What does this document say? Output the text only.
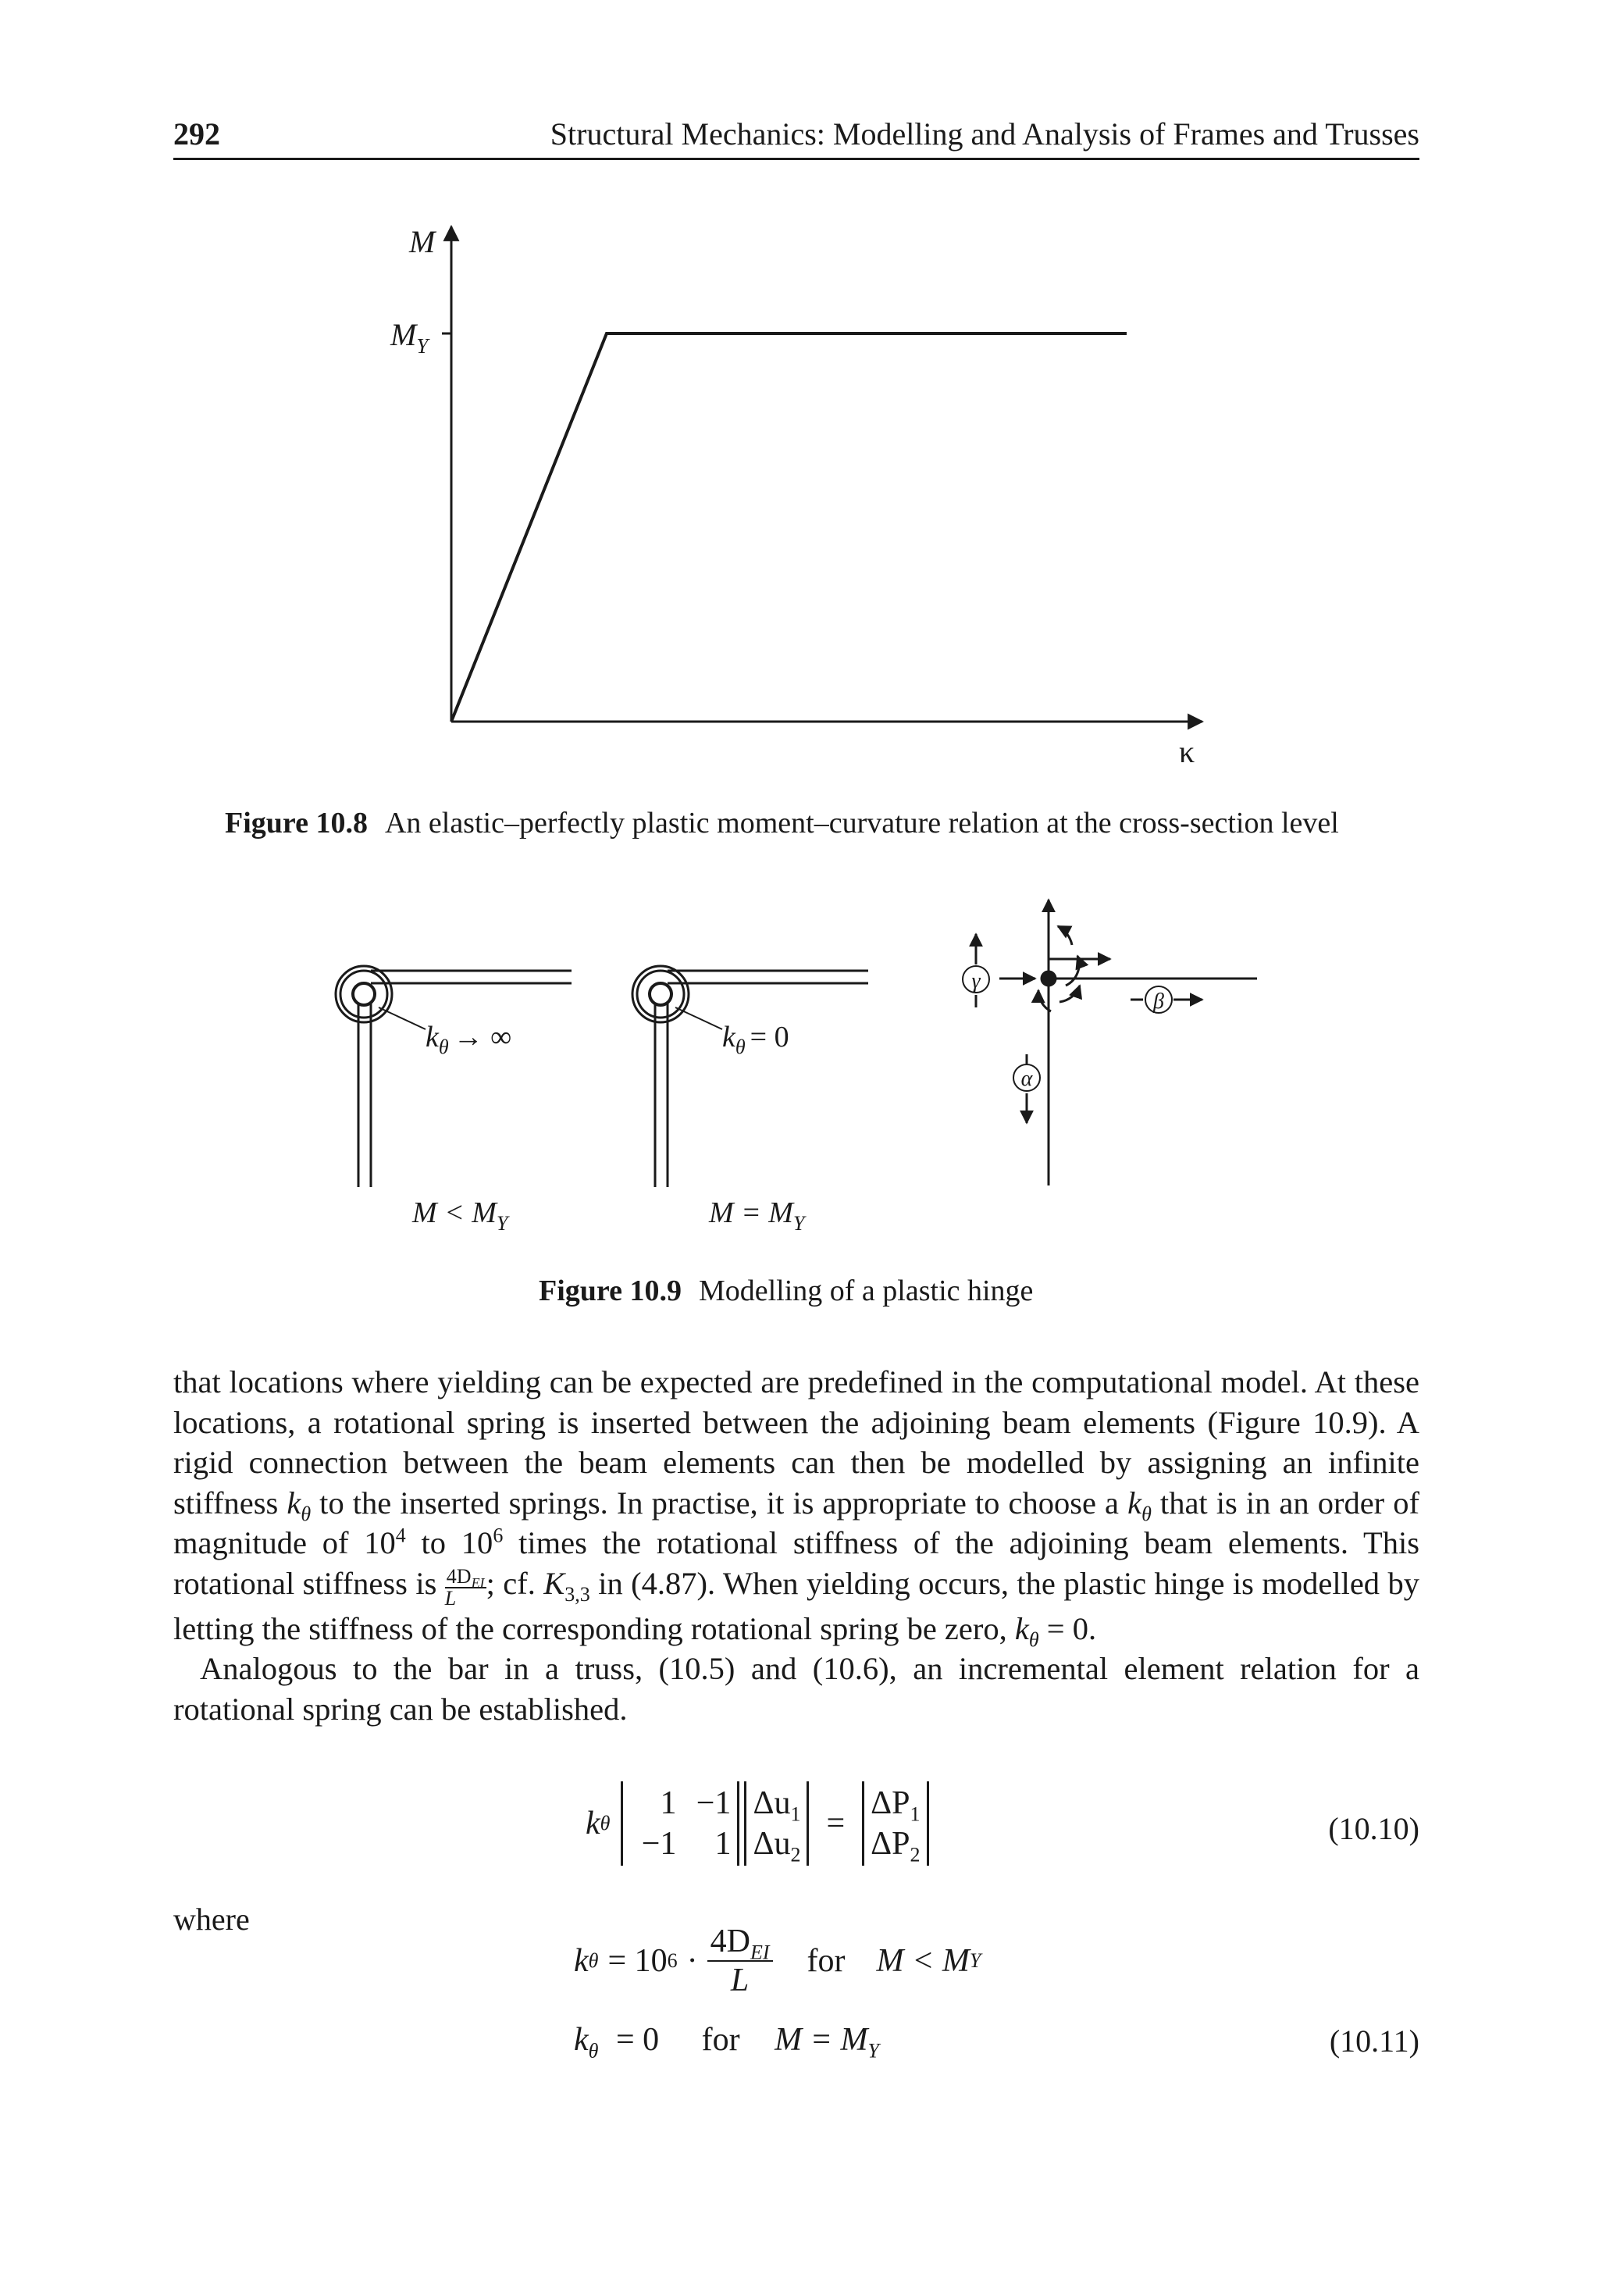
292	Structural Mechanics: Modelling and Analysis of Frames and Trusses
M
$M_Y$
κ
Figure 10.8 An elastic–perfectly plastic moment–curvature relation at the cross-section level
$k_\theta$ → ∞
$M < M_Y$
$k_\theta = 0$
$M = M_Y$
γ
β
α
Figure 10.9 Modelling of a plastic hinge

that locations where yielding can be expected are predefined in the computational model. At these locations, a rotational spring is inserted between the adjoining beam elements (Figure 10.9). A rigid connection between the beam elements can then be modelled by assigning an infinite stiffness $k_\theta$ to the inserted springs. In practise, it is appropriate to choose a $k_\theta$ that is in an order of magnitude of $10^4$ to $10^6$ times the rotational stiffness of the adjoining beam elements. This rotational stiffness is $\frac{4D_{EI}}{L}$ ; cf. $K_{3,3}$ in (4.87). When yielding occurs, the plastic hinge is modelled by letting the stiffness of the corresponding rotational spring be zero, $k_\theta = 0$.

Analogous to the bar in a truss, (10.5) and (10.6), an incremental element relation for a rotational spring can be established.

k θ
1 −1
−1	1
$\Delta u_1$
$\Delta u_2$
=
$\Delta P_1$
$\Delta P_2$
(10.10)
where
k θ = 10 $6 \cdot \frac{4D_{EI}}{L}$ for M < M Y
$k_\theta = 0$ for $M = M_Y$	(10.11)
